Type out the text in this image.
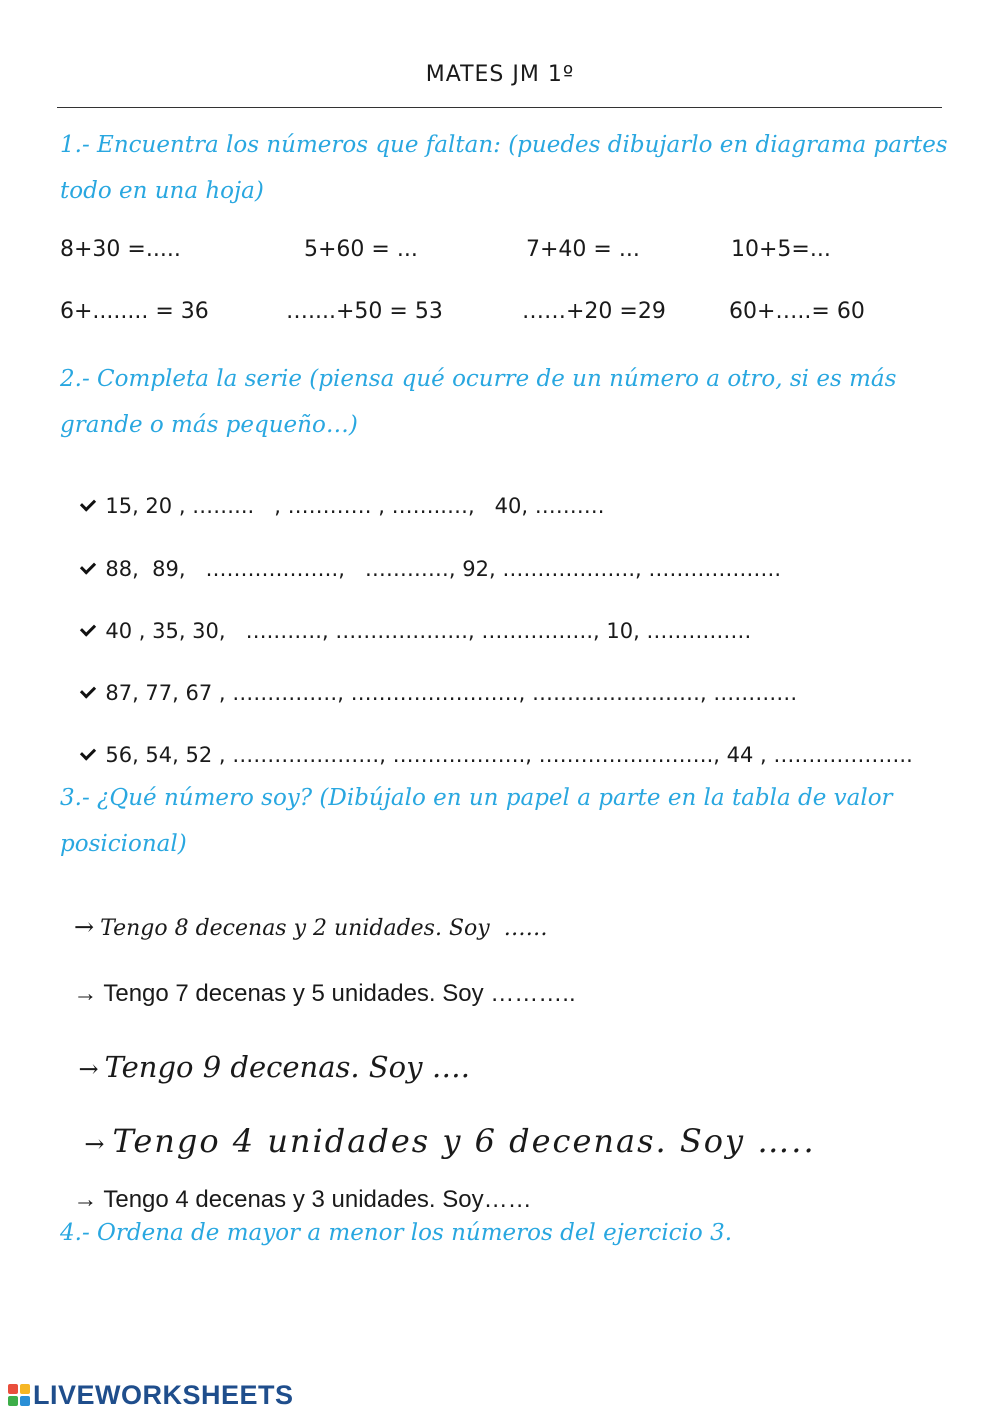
MATES JM 1º
1.- Encuentra los números que faltan: (puedes dibujarlo en diagrama partes todo en una hoja)
8+30 =.....	5+60 = ...	7+40 = ...	10+5=...
6+........ = 36	…....+50 = 53	……+20 =29	60+…..= 60
2.- Completa la serie (piensa qué ocurre de un número a otro, si es más grande o más pequeño…)

15, 20 , ……...   , ………… , ……..…,   40, ……….

88,  89,   ……………….,   …………, 92, ………………., ……………….

40 , 35, 30,   ….……., ………………., ……………., 10, ……………

87, 77, 67 , ……………, ……………………, ……………………, …………

56, 54, 52 , …………………, ………………., ……………………., 44 , ………………..

3.- ¿Qué número soy? (Dibújalo en un papel a parte en la tabla de valor posicional)

→ Tengo 8 decenas y 2 unidades. Soy  ……

→ Tengo 7 decenas y 5 unidades. Soy ………..

→ Tengo 9 decenas. Soy ….

→ Tengo 4 unidades y 6 decenas. Soy …..

→ Tengo 4 decenas y 3 unidades. Soy……

4.- Ordena de mayor a menor los números del ejercicio 3.
LIVEWORKSHEETS
